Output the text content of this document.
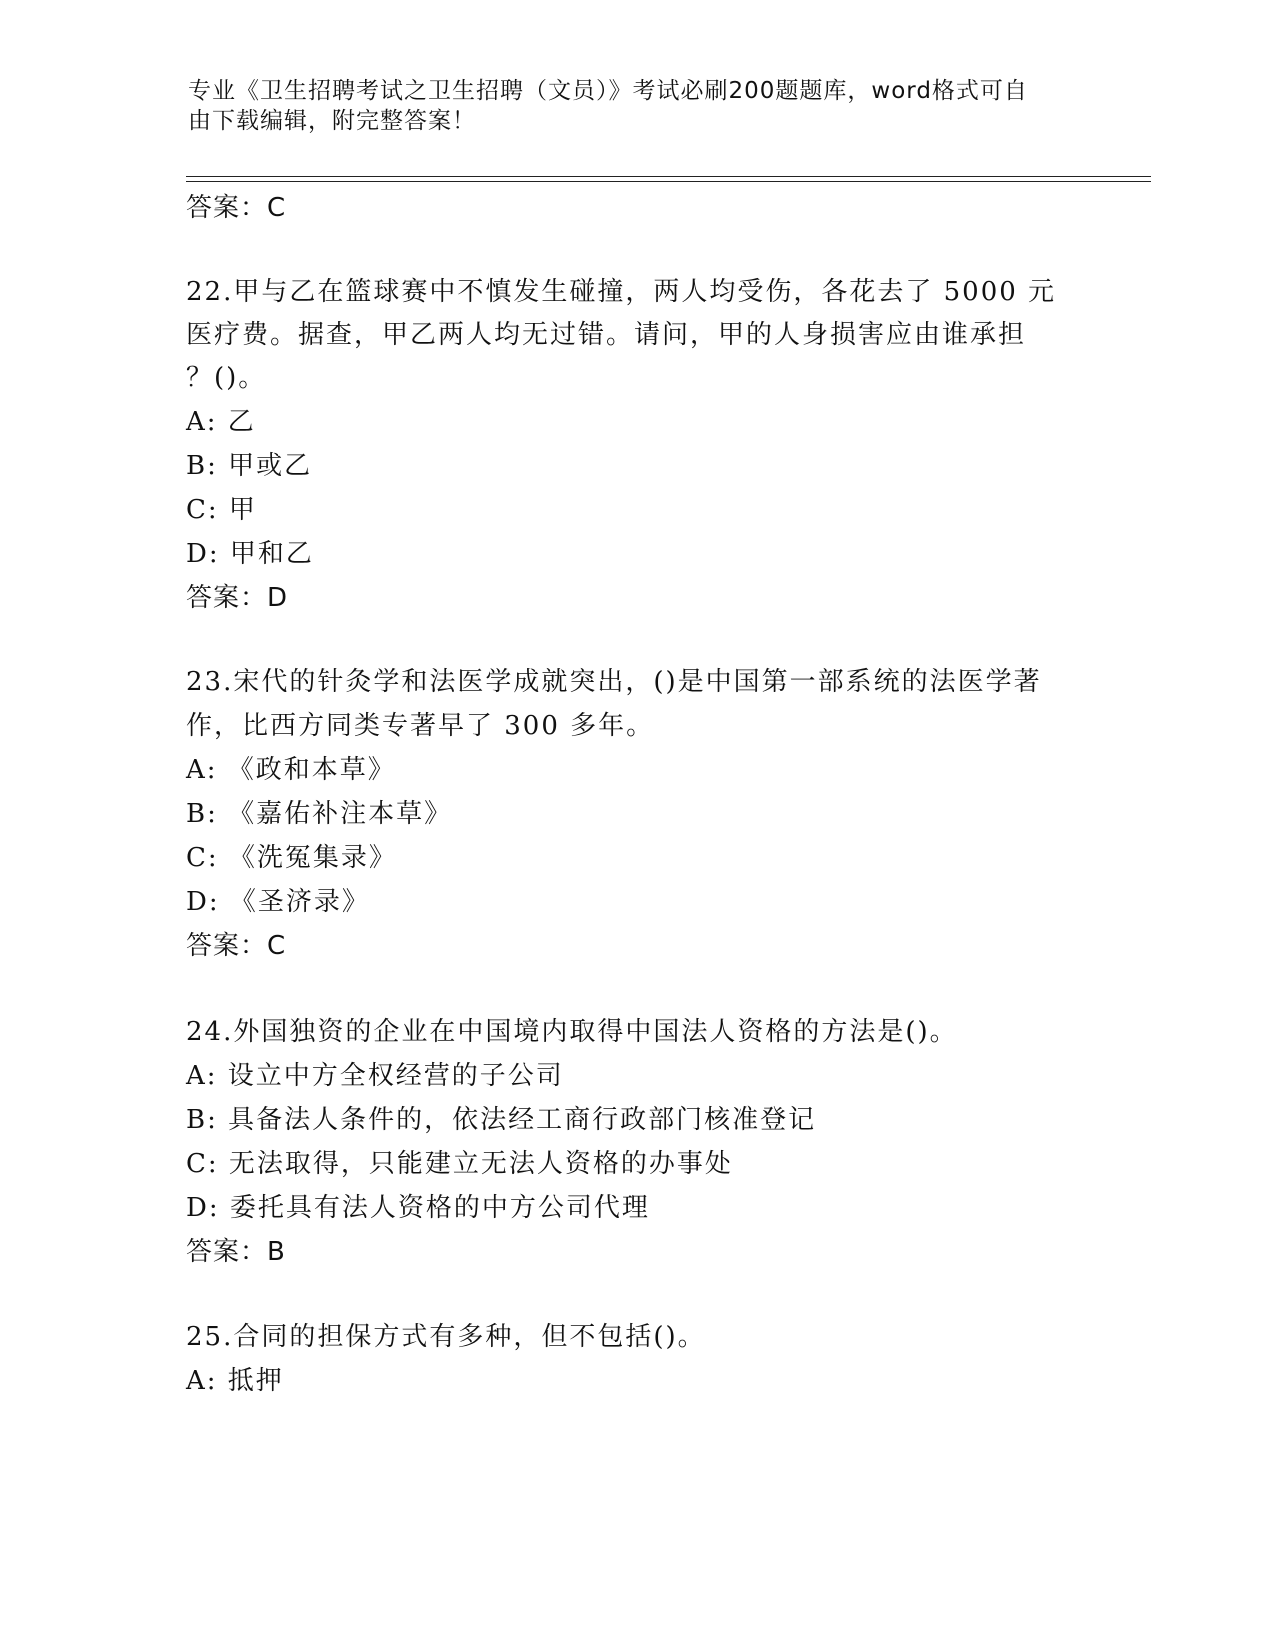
专业《卫生招聘考试之卫生招聘（文员）》考试必刷200题题库，word格式可自
由下载编辑，附完整答案！
答案：C
22.甲与乙在篮球赛中不慎发生碰撞，两人均受伤，各花去了 5000 元
医疗费。据查，甲乙两人均无过错。请问，甲的人身损害应由谁承担
？()。
A: 乙
B: 甲或乙
C: 甲
D: 甲和乙
答案：D
23.宋代的针灸学和法医学成就突出，()是中国第一部系统的法医学著
作，比西方同类专著早了 300 多年。
A: 《政和本草》
B: 《嘉佑补注本草》
C: 《洗冤集录》
D: 《圣济录》
答案：C
24.外国独资的企业在中国境内取得中国法人资格的方法是()。
A: 设立中方全权经营的子公司
B: 具备法人条件的，依法经工商行政部门核准登记
C: 无法取得，只能建立无法人资格的办事处
D: 委托具有法人资格的中方公司代理
答案：B
25.合同的担保方式有多种，但不包括()。
A: 抵押
